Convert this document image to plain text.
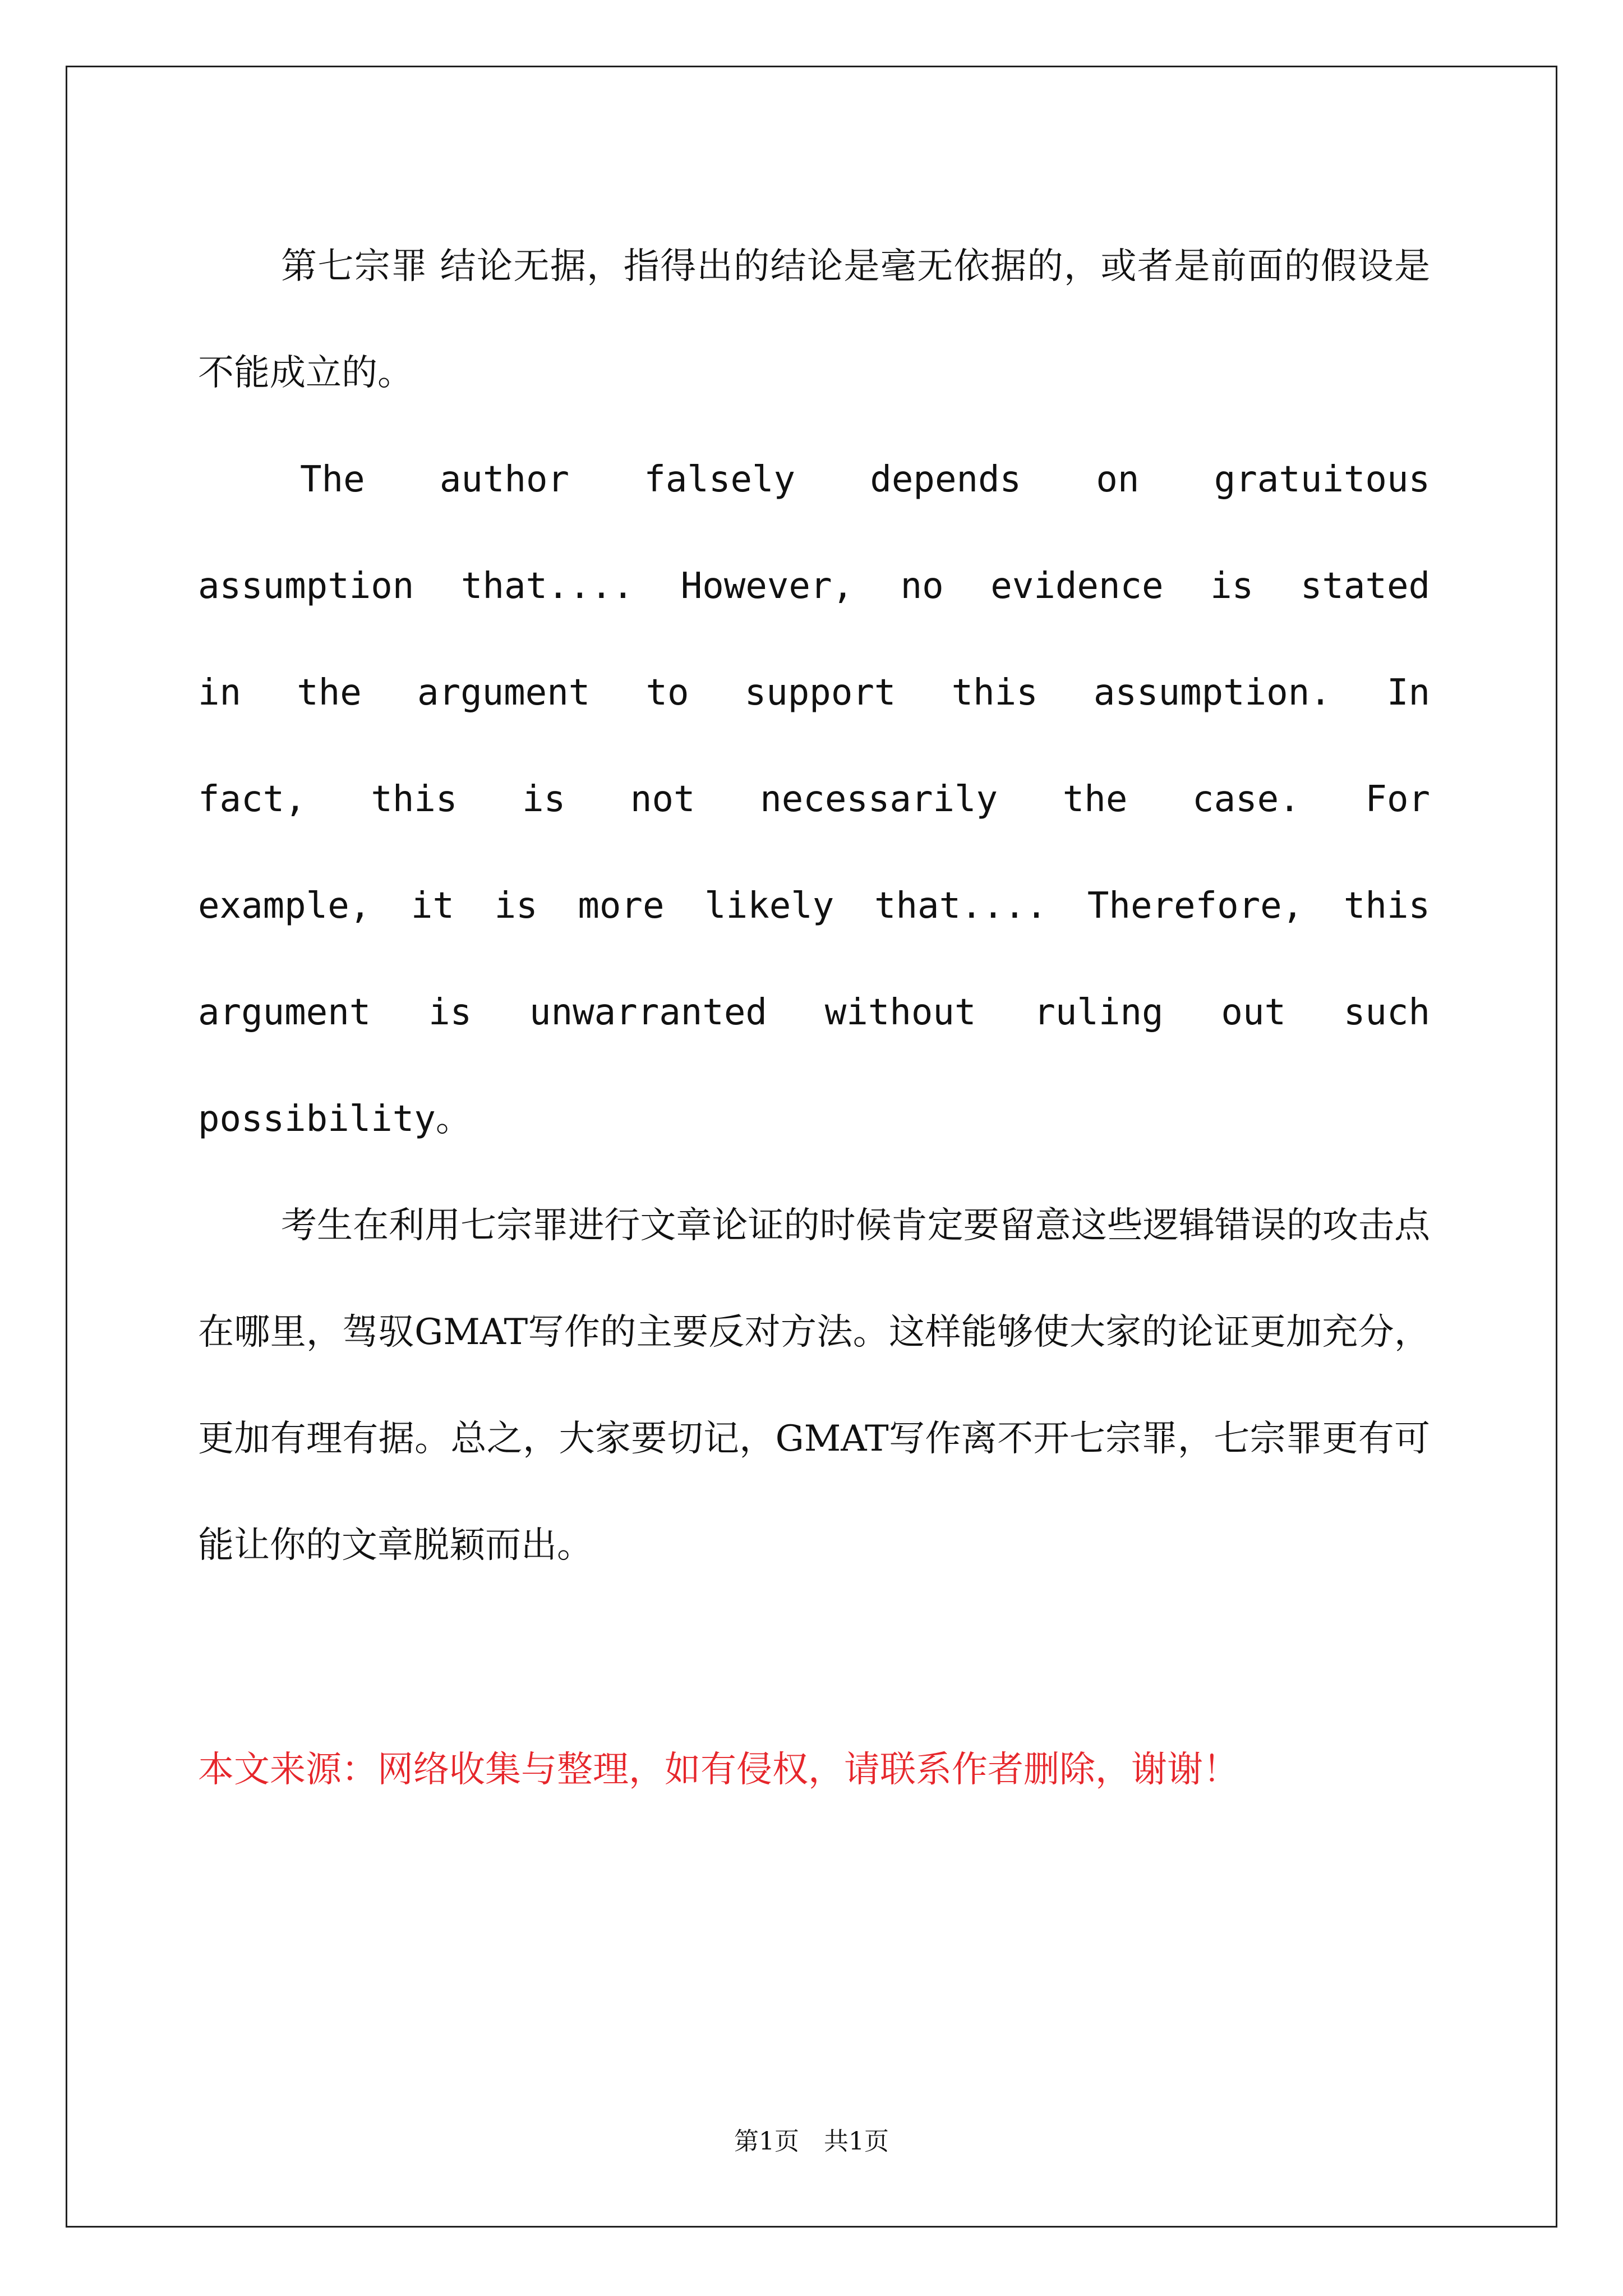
第七宗罪 结论无据，指得出的结论是毫无依据的，或者是前面的假设是不能成立的。

The author falsely depends on gratuitous assumption that.... However, no evidence is stated in the argument to support this assumption. In fact, this is not necessarily the case. For example, it is more likely that.... Therefore, this argument is unwarranted without ruling out such possibility。

考生在利用七宗罪进行文章论证的时候肯定要留意这些逻辑错误的攻击点在哪里，驾驭GMAT写作的主要反对方法。这样能够使大家的论证更加充分，更加有理有据。总之，大家要切记，GMAT写作离不开七宗罪，七宗罪更有可能让你的文章脱颖而出。

本文来源：网络收集与整理，如有侵权，请联系作者删除，谢谢！

第1页　共1页
